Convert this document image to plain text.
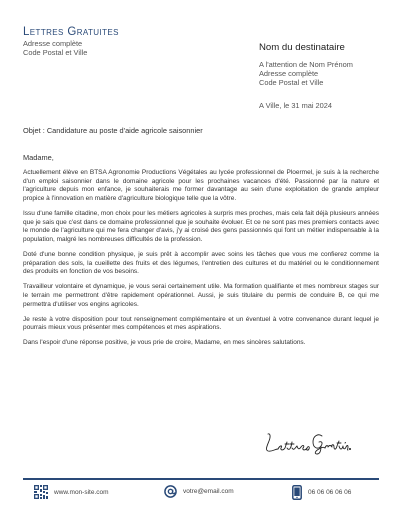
Lettres Gratuites
Adresse complète
Code Postal et Ville	Nom du destinataire
A l'attention de Nom Prénom
Adresse complète
Code Postal et Ville
A Ville, le 31 mai 2024
Objet : Candidature au poste d'aide agricole saisonnier
Madame,

Actuellement élève en BTSA Agronomie Productions Végétales au lycée professionnel de Ploermel, je suis à la recherche d'un emploi saisonnier dans le domaine agricole pour les prochaines vacances d'été. Passionné par la nature et l'agriculture depuis mon enfance, je souhaiterais me former davantage au sein d'une exploitation de grande ampleur propice à l'innovation en matière d'agriculture biologique telle que la vôtre.

Issu d'une famille citadine, mon choix pour les métiers agricoles à surpris mes proches, mais cela fait déjà plusieurs années que je sais que c'est dans ce domaine professionnel que je souhaite évoluer. Et ce ne sont pas mes premiers contacts avec le monde de l'agriculture qui me fera changer d'avis, j'y ai croisé des gens passionnés qui font un métier indispensable à la population, malgré les nombreuses difficultés de la profession.

Doté d'une bonne condition physique, je suis prêt à accomplir avec soins les tâches que vous me confierez comme la préparation des sols, la cueillette des fruits et des légumes, l'entretien des cultures et du matériel ou le conditionnement des produits en fonction de vos besoins.

Travailleur volontaire et dynamique, je vous serai certainement utile. Ma formation qualifiante et mes nombreux stages sur le terrain me permettront d'être rapidement opérationnel. Aussi, je suis titulaire du permis de conduire B, ce qui me permettra d'utiliser vos engins agricoles.

Je reste à votre disposition pour tout renseignement complémentaire et un éventuel à votre convenance durant lequel je pourrais mieux vous présenter mes compétences et mes aspirations.

Dans l'espoir d'une réponse positive, je vous prie de croire, Madame, en mes sincères salutations.

www.mon-site.com	votre@email.com	06 06 06 06 06
